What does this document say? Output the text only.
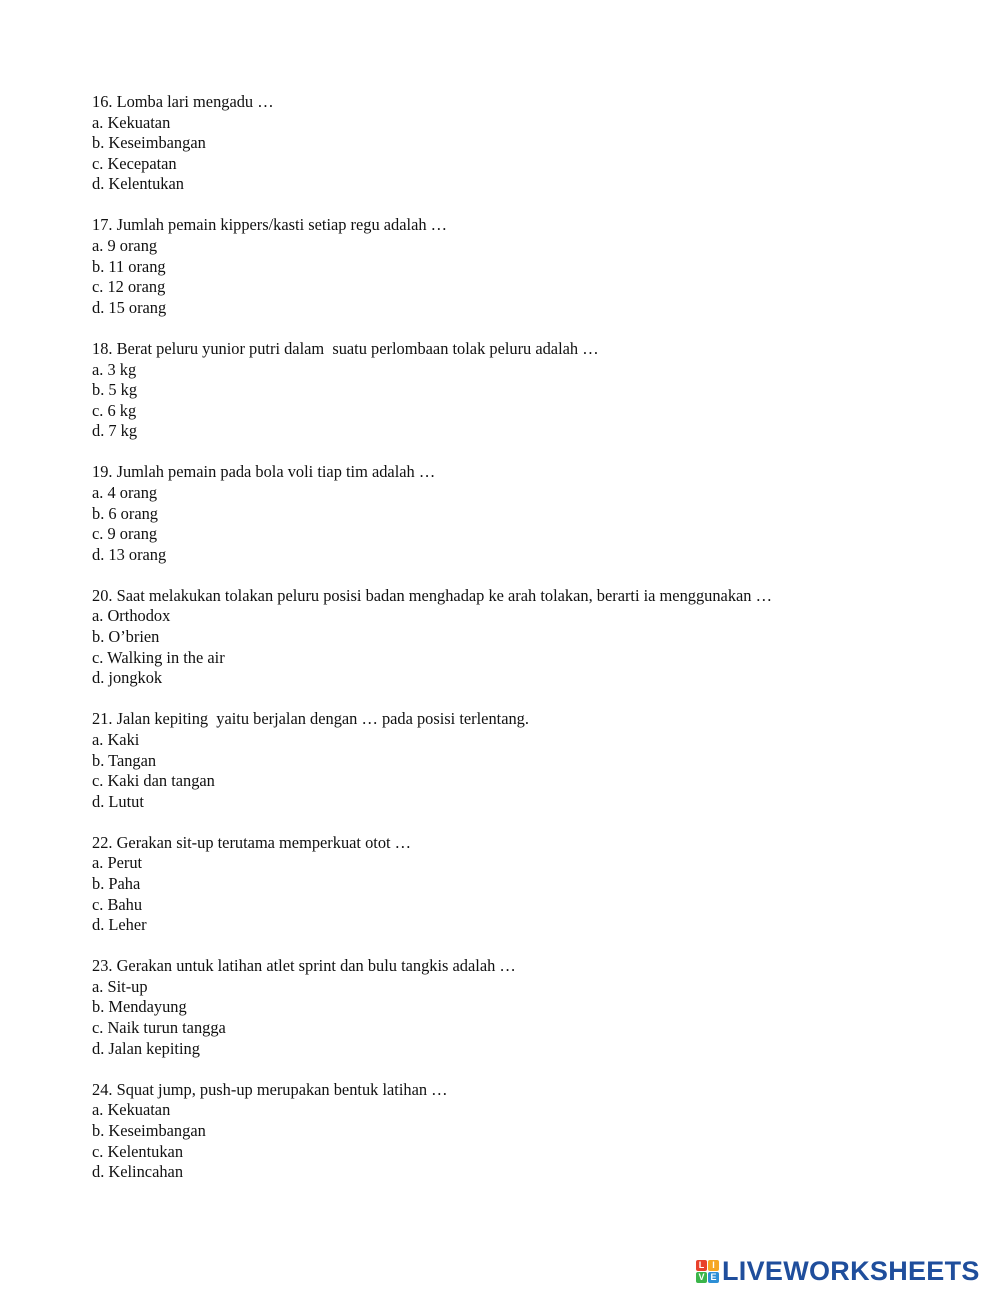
16. Lomba lari mengadu …
a. Kekuatan
b. Keseimbangan
c. Kecepatan
d. Kelentukan
17. Jumlah pemain kippers/kasti setiap regu adalah …
a. 9 orang
b. 11 orang
c. 12 orang
d. 15 orang
18. Berat peluru yunior putri dalam  suatu perlombaan tolak peluru adalah …
a. 3 kg
b. 5 kg
c. 6 kg
d. 7 kg
19. Jumlah pemain pada bola voli tiap tim adalah …
a. 4 orang
b. 6 orang
c. 9 orang
d. 13 orang
20. Saat melakukan tolakan peluru posisi badan menghadap ke arah tolakan, berarti ia menggunakan …
a. Orthodox
b. O’brien
c. Walking in the air
d. jongkok
21. Jalan kepiting  yaitu berjalan dengan … pada posisi terlentang.
a. Kaki
b. Tangan
c. Kaki dan tangan
d. Lutut
22. Gerakan sit-up terutama memperkuat otot …
a. Perut
b. Paha
c. Bahu
d. Leher
23. Gerakan untuk latihan atlet sprint dan bulu tangkis adalah …
a. Sit-up
b. Mendayung
c. Naik turun tangga
d. Jalan kepiting
24. Squat jump, push-up merupakan bentuk latihan …
a. Kekuatan
b. Keseimbangan
c. Kelentukan
d. Kelincahan
L I
V E LIVEWORKSHEETS
